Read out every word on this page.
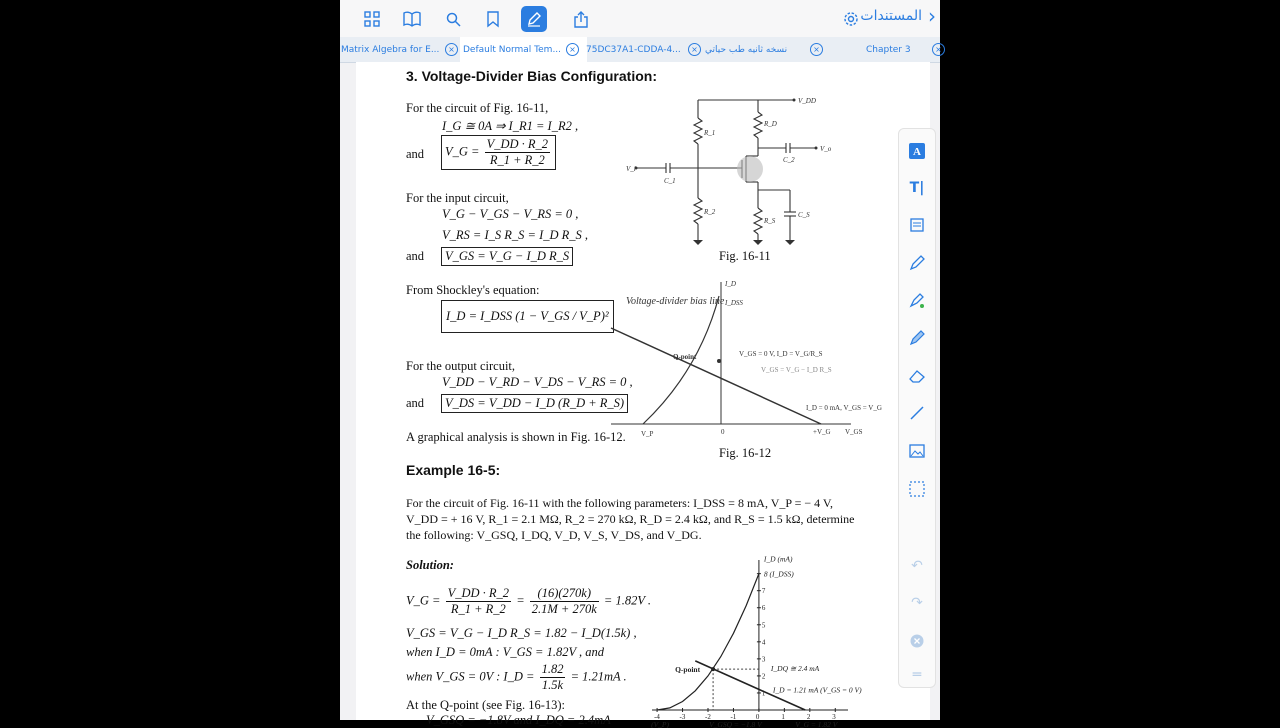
المستندات ›
Matrix Algebra for E...	× Default Normal Tem...	×	75DC37A1-CDDA-4...	× نسخه ثانيه طب حياتي	×	Chapter 3	×
3. Voltage-Divider Bias Configuration:
For the circuit of Fig. 16-11,
I_G ≅ 0A ⇒ I_R1 = I_R2 ,
and	V_G = $\frac{V\_DD \cdot R\_2}{R\_1 + R\_2}$
For the input circuit,
V_G − V_GS − V_RS = 0 ,
V_RS = I_S R_S = I_D R_S ,
and	V_GS = V_G − I_D R_S
From Shockley's equation:
I_D = I_DSS (1 − V_GS / V_P)²
For the output circuit,
V_DD − V_RD − V_DS − V_RS = 0 ,
and	V_DS = V_DD − I_D (R_D + R_S)
A graphical analysis is shown in Fig. 16-12.
V_DD
R_D
R_1
R_2
R_S
C_1
C_2
C_S
V_i
V_o
Fig. 16-11
I_D
I_DSS
Voltage-divider bias line
Q-point	V_GS = 0 V, I_D = V_G/R_S
V_GS = V_G − I_D R_S
I_D = 0 mA, V_GS = V_G
V_P	0	+V_G V_GS
Fig. 16-12
Example 16-5:
For the circuit of Fig. 16-11 with the following parameters: I_DSS = 8 mA, V_P = − 4 V,
V_DD = + 16 V, R_1 = 2.1 MΩ, R_2 = 270 kΩ, R_D = 2.4 kΩ, and R_S = 1.5 kΩ, determine
the following: V_GSQ, I_DQ, V_D, V_S, V_DS, and V_DG.
Solution:
V_G = $\frac{V\_DD \cdot R\_2}{R\_1 + R\_2} = \frac{(16)(270k)}{2.1M + 270k} = 1.82V$ .
V_GS = V_G − I_D R_S = 1.82 − I_D(1.5k) ,
when I_D = 0mA : V_GS = 1.82V , and
when V_GS = 0V : I_D = $\frac{1.82}{1.5k} = 1.21mA$ .
At the Q-point (see Fig. 16-13):
V_GSQ = −1.8V and I_DQ = 2.4mA	-4	-3	-2	-1	0	1	2	3
1
2
3
4
5
6
7
I_D (mA)
8 (I_DSS)
Q-point	I_DQ ≅ 2.4 mA
I_D = 1.21 mA (V_GS = 0 V)
(V_P)	V_GSQ = −1.8 V	V_G = 1.82 V
A
T|
↶
↷
═
